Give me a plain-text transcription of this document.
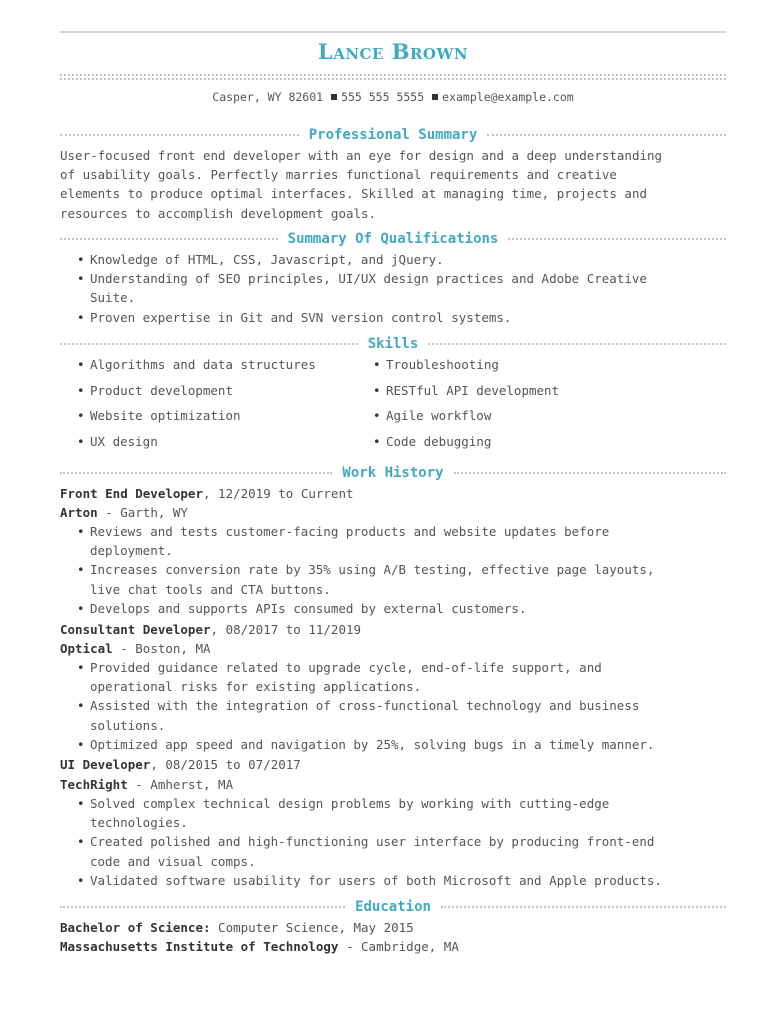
Lance Brown
Casper, WY 82601 555 555 5555 example@example.com
Professional Summary
User-focused front end developer with an eye for design and a deep understanding
of usability goals. Perfectly marries functional requirements and creative
elements to produce optimal interfaces. Skilled at managing time, projects and
resources to accomplish development goals.
Summary Of Qualifications
• Knowledge of HTML, CSS, Javascript, and jQuery.
• Understanding of SEO principles, UI/UX design practices and Adobe Creative
Suite.
• Proven expertise in Git and SVN version control systems.
Skills
• Algorithms and data structures	• Troubleshooting
• Product development	• RESTful API development
• Website optimization	• Agile workflow
• UX design	• Code debugging
Work History
Front End Developer, 12/2019 to Current
Arton - Garth, WY
• Reviews and tests customer-facing products and website updates before
deployment.
• Increases conversion rate by 35% using A/B testing, effective page layouts,
live chat tools and CTA buttons.
• Develops and supports APIs consumed by external customers.
Consultant Developer, 08/2017 to 11/2019
Optical - Boston, MA
• Provided guidance related to upgrade cycle, end-of-life support, and
operational risks for existing applications.
• Assisted with the integration of cross-functional technology and business
solutions.
• Optimized app speed and navigation by 25%, solving bugs in a timely manner.
UI Developer, 08/2015 to 07/2017
TechRight - Amherst, MA
• Solved complex technical design problems by working with cutting-edge
technologies.
• Created polished and high-functioning user interface by producing front-end
code and visual comps.
• Validated software usability for users of both Microsoft and Apple products.
Education
Bachelor of Science: Computer Science, May 2015
Massachusetts Institute of Technology - Cambridge, MA
